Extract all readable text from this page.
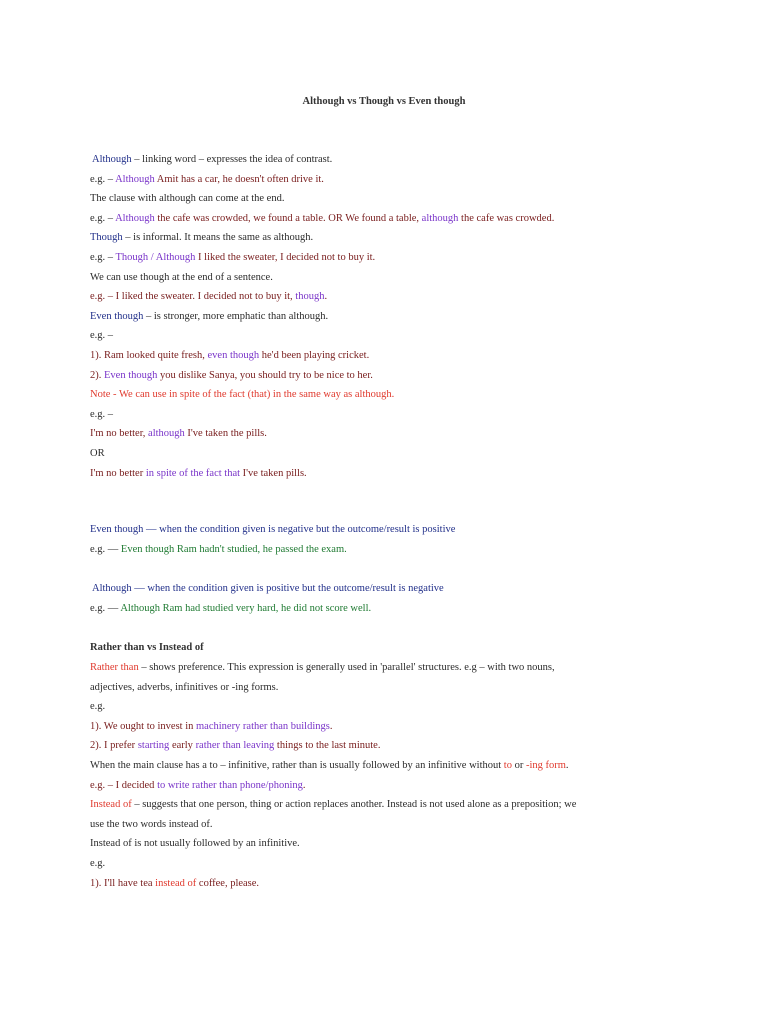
Although vs Though vs Even though
Although – linking word – expresses the idea of contrast.
e.g. – Although Amit has a car, he doesn't often drive it.
The clause with although can come at the end.
e.g. – Although the cafe was crowded, we found a table. OR We found a table, although the cafe was crowded.
Though – is informal. It means the same as although.
e.g. – Though / Although I liked the sweater, I decided not to buy it.
We can use though at the end of a sentence.
e.g. – I liked the sweater. I decided not to buy it, though.
Even though – is stronger, more emphatic than although.
e.g. –
1). Ram looked quite fresh, even though he'd been playing cricket.
2). Even though you dislike Sanya, you should try to be nice to her.
Note - We can use in spite of the fact (that) in the same way as although.
e.g. –
I'm no better, although I've taken the pills.
OR
I'm no better in spite of the fact that I've taken pills.
Even though — when the condition given is negative but the outcome/result is positive
e.g. — Even though Ram hadn't studied, he passed the exam.
Although — when the condition given is positive but the outcome/result is negative
e.g. — Although Ram had studied very hard, he did not score well.
Rather than vs Instead of
Rather than – shows preference. This expression is generally used in 'parallel' structures. e.g – with two nouns,
adjectives, adverbs, infinitives or -ing forms.
e.g.
1). We ought to invest in machinery rather than buildings.
2). I prefer starting early rather than leaving things to the last minute.
When the main clause has a to – infinitive, rather than is usually followed by an infinitive without to or -ing form.
e.g. – I decided to write rather than phone/phoning.
Instead of – suggests that one person, thing or action replaces another. Instead is not used alone as a preposition; we
use the two words instead of.
Instead of is not usually followed by an infinitive.
e.g.
1). I'll have tea instead of coffee, please.
